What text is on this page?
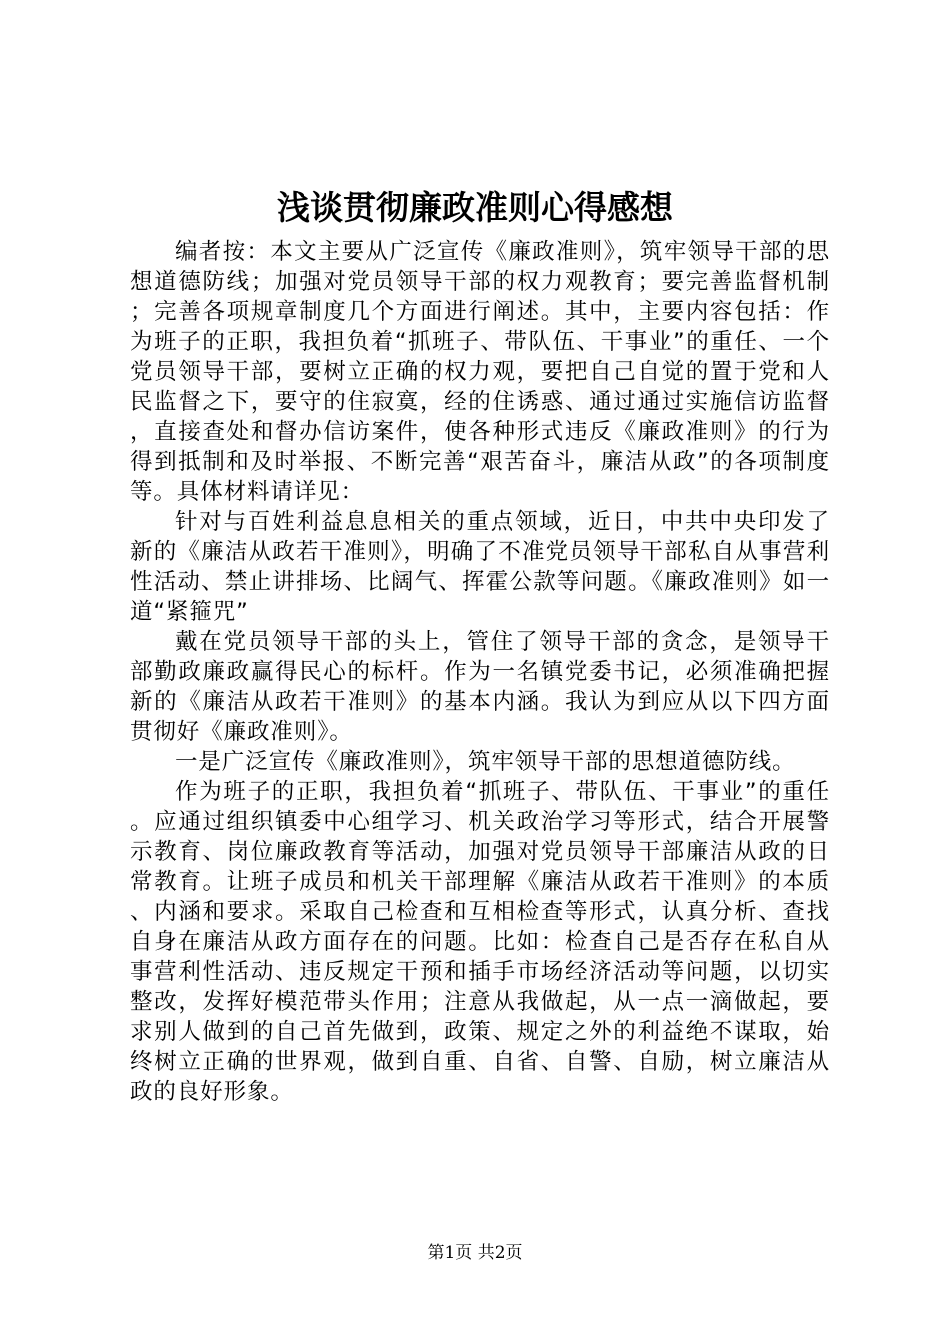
浅谈贯彻廉政准则心得感想

编者按：本文主要从广泛宣传《廉政准则》，筑牢领导干部的思想道德防线；加强对党员领导干部的权力观教育；要完善监督机制；完善各项规章制度几个方面进行阐述。其中，主要内容包括：作为班子的正职，我担负着“抓班子、带队伍、干事业”的重任、一个党员领导干部，要树立正确的权力观，要把自己自觉的置于党和人民监督之下，要守的住寂寞，经的住诱惑、通过通过实施信访监督，直接查处和督办信访案件，使各种形式违反《廉政准则》的行为得到抵制和及时举报、不断完善“艰苦奋斗，廉洁从政”的各项制度等。具体材料请详见：

针对与百姓利益息息相关的重点领域，近日，中共中央印发了新的《廉洁从政若干准则》，明确了不准党员领导干部私自从事营利性活动、禁止讲排场、比阔气、挥霍公款等问题。《廉政准则》如一道“紧箍咒”

戴在党员领导干部的头上，管住了领导干部的贪念，是领导干部勤政廉政赢得民心的标杆。作为一名镇党委书记，必须准确把握新的《廉洁从政若干准则》的基本内涵。我认为到应从以下四方面贯彻好《廉政准则》。

一是广泛宣传《廉政准则》，筑牢领导干部的思想道德防线。

作为班子的正职，我担负着“抓班子、带队伍、干事业”的重任。应通过组织镇委中心组学习、机关政治学习等形式，结合开展警示教育、岗位廉政教育等活动，加强对党员领导干部廉洁从政的日常教育。让班子成员和机关干部理解《廉洁从政若干准则》的本质、内涵和要求。采取自己检查和互相检查等形式，认真分析、查找自身在廉洁从政方面存在的问题。比如：检查自己是否存在私自从事营利性活动、违反规定干预和插手市场经济活动等问题，以切实整改，发挥好模范带头作用；注意从我做起，从一点一滴做起，要求别人做到的自己首先做到，政策、规定之外的利益绝不谋取，始终树立正确的世界观，做到自重、自省、自警、自励，树立廉洁从政的良好形象。

第1页 共2页
